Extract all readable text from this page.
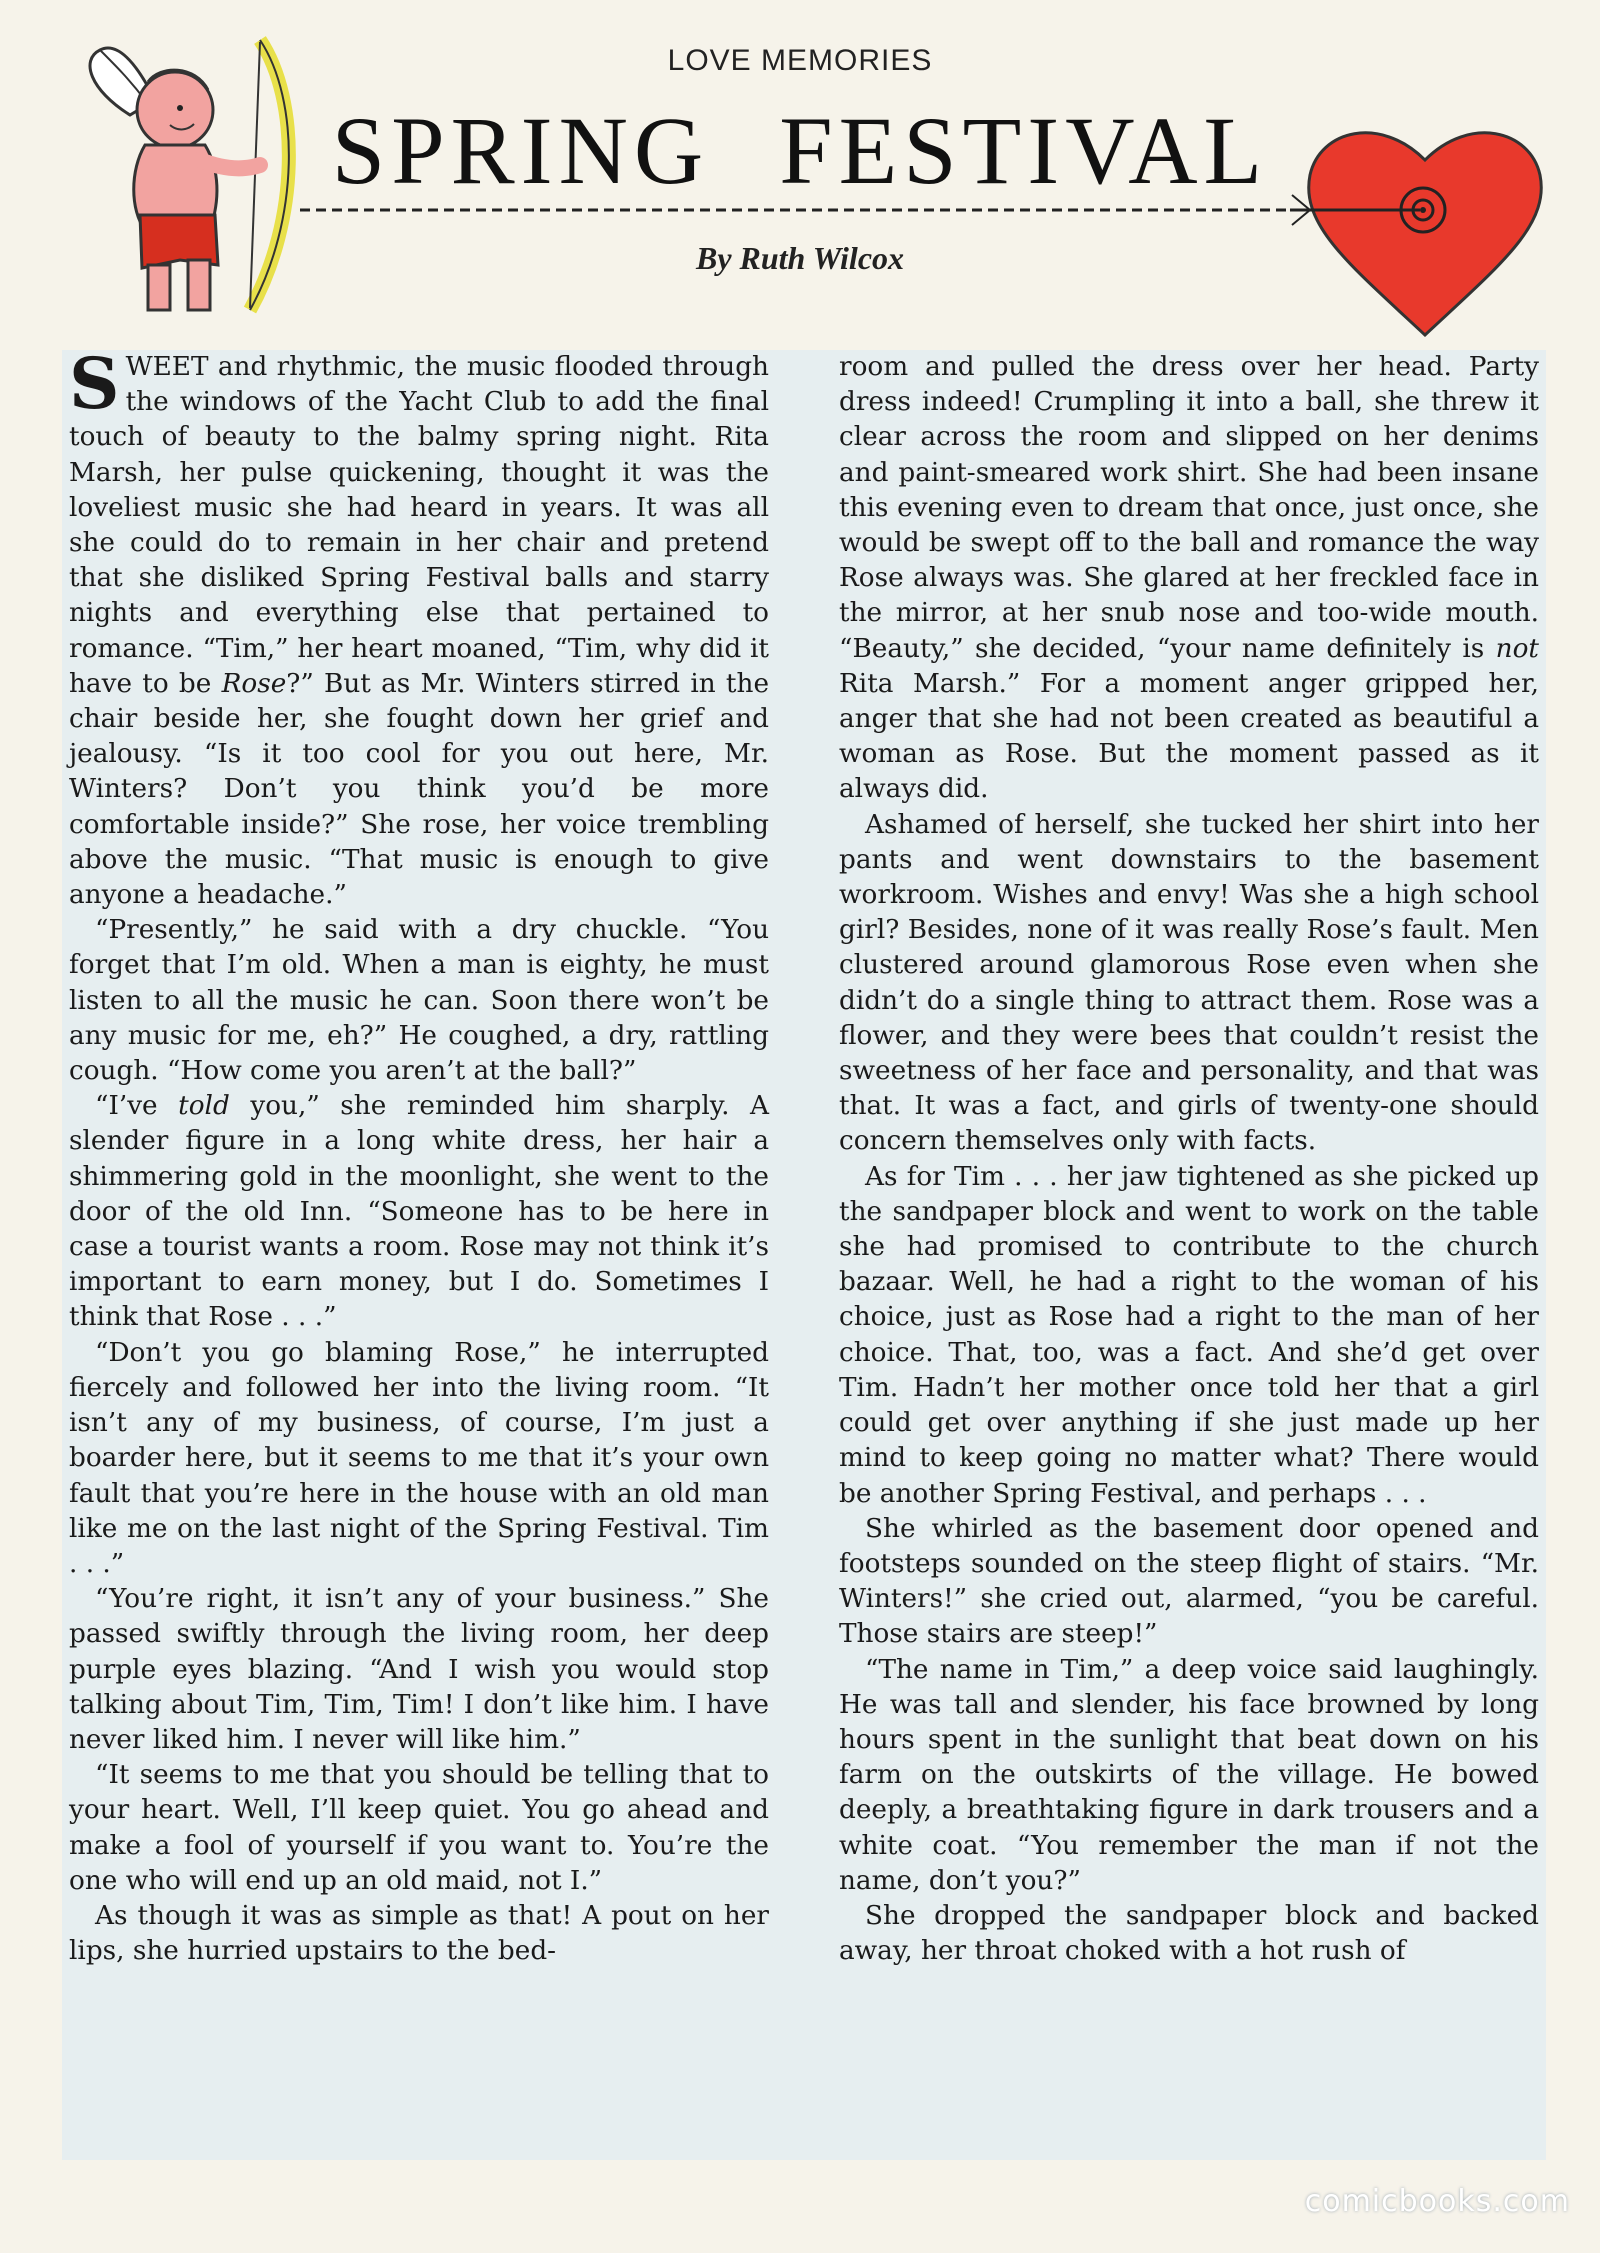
LOVE MEMORIES
SPRING FESTIVAL
By Ruth Wilcox

SWEET and rhythmic, the music flooded through the windows of the Yacht Club to add the final touch of beauty to the balmy spring night. Rita Marsh, her pulse quickening, thought it was the loveliest music she had heard in years. It was all she could do to remain in her chair and pretend that she disliked Spring Festival balls and starry nights and everything else that pertained to romance. “Tim,” her heart moaned, “Tim, why did it have to be Rose?” But as Mr. Winters stirred in the chair beside her, she fought down her grief and jealousy. “Is it too cool for you out here, Mr. Winters? Don’t you think you’d be more comfortable inside?” She rose, her voice trembling above the music. “That music is enough to give anyone a headache.”

“Presently,” he said with a dry chuckle. “You forget that I’m old. When a man is eighty, he must listen to all the music he can. Soon there won’t be any music for me, eh?” He coughed, a dry, rattling cough. “How come you aren’t at the ball?”

“I’ve told you,” she reminded him sharply. A slender figure in a long white dress, her hair a shimmering gold in the moonlight, she went to the door of the old Inn. “Someone has to be here in case a tourist wants a room. Rose may not think it’s important to earn money, but I do. Sometimes I think that Rose . . .”

“Don’t you go blaming Rose,” he interrupted fiercely and followed her into the living room. “It isn’t any of my business, of course, I’m just a boarder here, but it seems to me that it’s your own fault that you’re here in the house with an old man like me on the last night of the Spring Festival. Tim . . .”

“You’re right, it isn’t any of your business.” She passed swiftly through the living room, her deep purple eyes blazing. “And I wish you would stop talking about Tim, Tim, Tim! I don’t like him. I have never liked him. I never will like him.”

“It seems to me that you should be telling that to your heart. Well, I’ll keep quiet. You go ahead and make a fool of yourself if you want to. You’re the one who will end up an old maid, not I.”

As though it was as simple as that! A pout on her lips, she hurried upstairs to the bed-

room and pulled the dress over her head. Party dress indeed! Crumpling it into a ball, she threw it clear across the room and slipped on her denims and paint-smeared work shirt. She had been insane this evening even to dream that once, just once, she would be swept off to the ball and romance the way Rose always was. She glared at her freckled face in the mirror, at her snub nose and too-wide mouth. “Beauty,” she decided, “your name definitely is not Rita Marsh.” For a moment anger gripped her, anger that she had not been created as beautiful a woman as Rose. But the moment passed as it always did.

Ashamed of herself, she tucked her shirt into her pants and went downstairs to the basement workroom. Wishes and envy! Was she a high school girl? Besides, none of it was really Rose’s fault. Men clustered around glamorous Rose even when she didn’t do a single thing to attract them. Rose was a flower, and they were bees that couldn’t resist the sweetness of her face and personality, and that was that. It was a fact, and girls of twenty-one should concern themselves only with facts.

As for Tim . . . her jaw tightened as she picked up the sandpaper block and went to work on the table she had promised to contribute to the church bazaar. Well, he had a right to the woman of his choice, just as Rose had a right to the man of her choice. That, too, was a fact. And she’d get over Tim. Hadn’t her mother once told her that a girl could get over anything if she just made up her mind to keep going no matter what? There would be another Spring Festival, and perhaps . . .

She whirled as the basement door opened and footsteps sounded on the steep flight of stairs. “Mr. Winters!” she cried out, alarmed, “you be careful. Those stairs are steep!”

“The name in Tim,” a deep voice said laughingly. He was tall and slender, his face browned by long hours spent in the sunlight that beat down on his farm on the outskirts of the village. He bowed deeply, a breathtaking figure in dark trousers and a white coat. “You remember the man if not the name, don’t you?”

She dropped the sandpaper block and backed away, her throat choked with a hot rush of

comicbooks.com
